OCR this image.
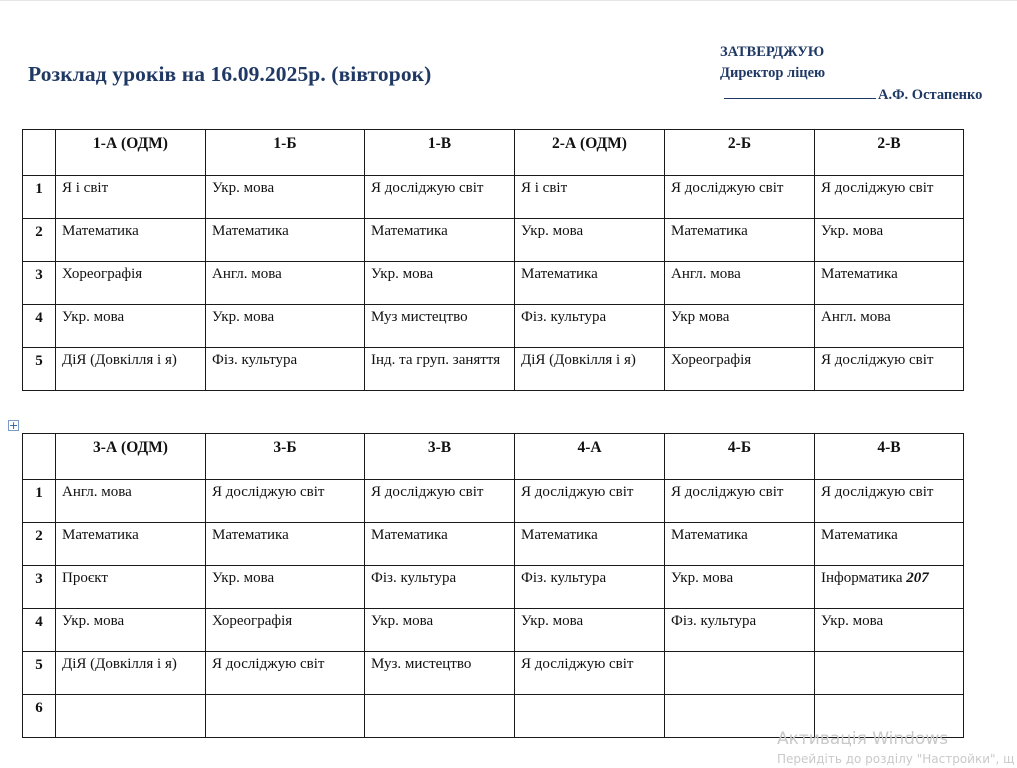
Розклад уроків на 16.09.2025р. (вівторок)
ЗАТВЕРДЖУЮ
Директор ліцею
А.Ф. Остапенко
	1-А (ОДМ)	1-Б	1-В	2-А (ОДМ)	2-Б	2-В
1	Я і світ	Укр. мова	Я досліджую світ	Я і світ	Я досліджую світ	Я досліджую світ
2	Математика	Математика	Математика	Укр. мова	Математика	Укр. мова
3	Хореографія	Англ. мова	Укр. мова	Математика	Англ. мова	Математика
4	Укр. мова	Укр. мова	Муз мистецтво	Фіз. культура	Укр мова	Англ. мова
5	ДіЯ (Довкілля і я)	Фіз. культура	Інд. та груп. заняття	ДіЯ (Довкілля і я)	Хореографія	Я досліджую світ
+
	3-А (ОДМ)	3-Б	3-В	4-А	4-Б	4-В
1	Англ. мова	Я досліджую світ	Я досліджую світ	Я досліджую світ	Я досліджую світ	Я досліджую світ
2	Математика	Математика	Математика	Математика	Математика	Математика
3	Проєкт	Укр. мова	Фіз. культура	Фіз. культура	Укр. мова	Інформатика 207
4	Укр. мова	Хореографія	Укр. мова	Укр. мова	Фіз. культура	Укр. мова
5	ДіЯ (Довкілля і я)	Я досліджую світ	Муз. мистецтво	Я досліджую світ		
6						
Активація Windows
Перейдіть до розділу "Настройки", щ
